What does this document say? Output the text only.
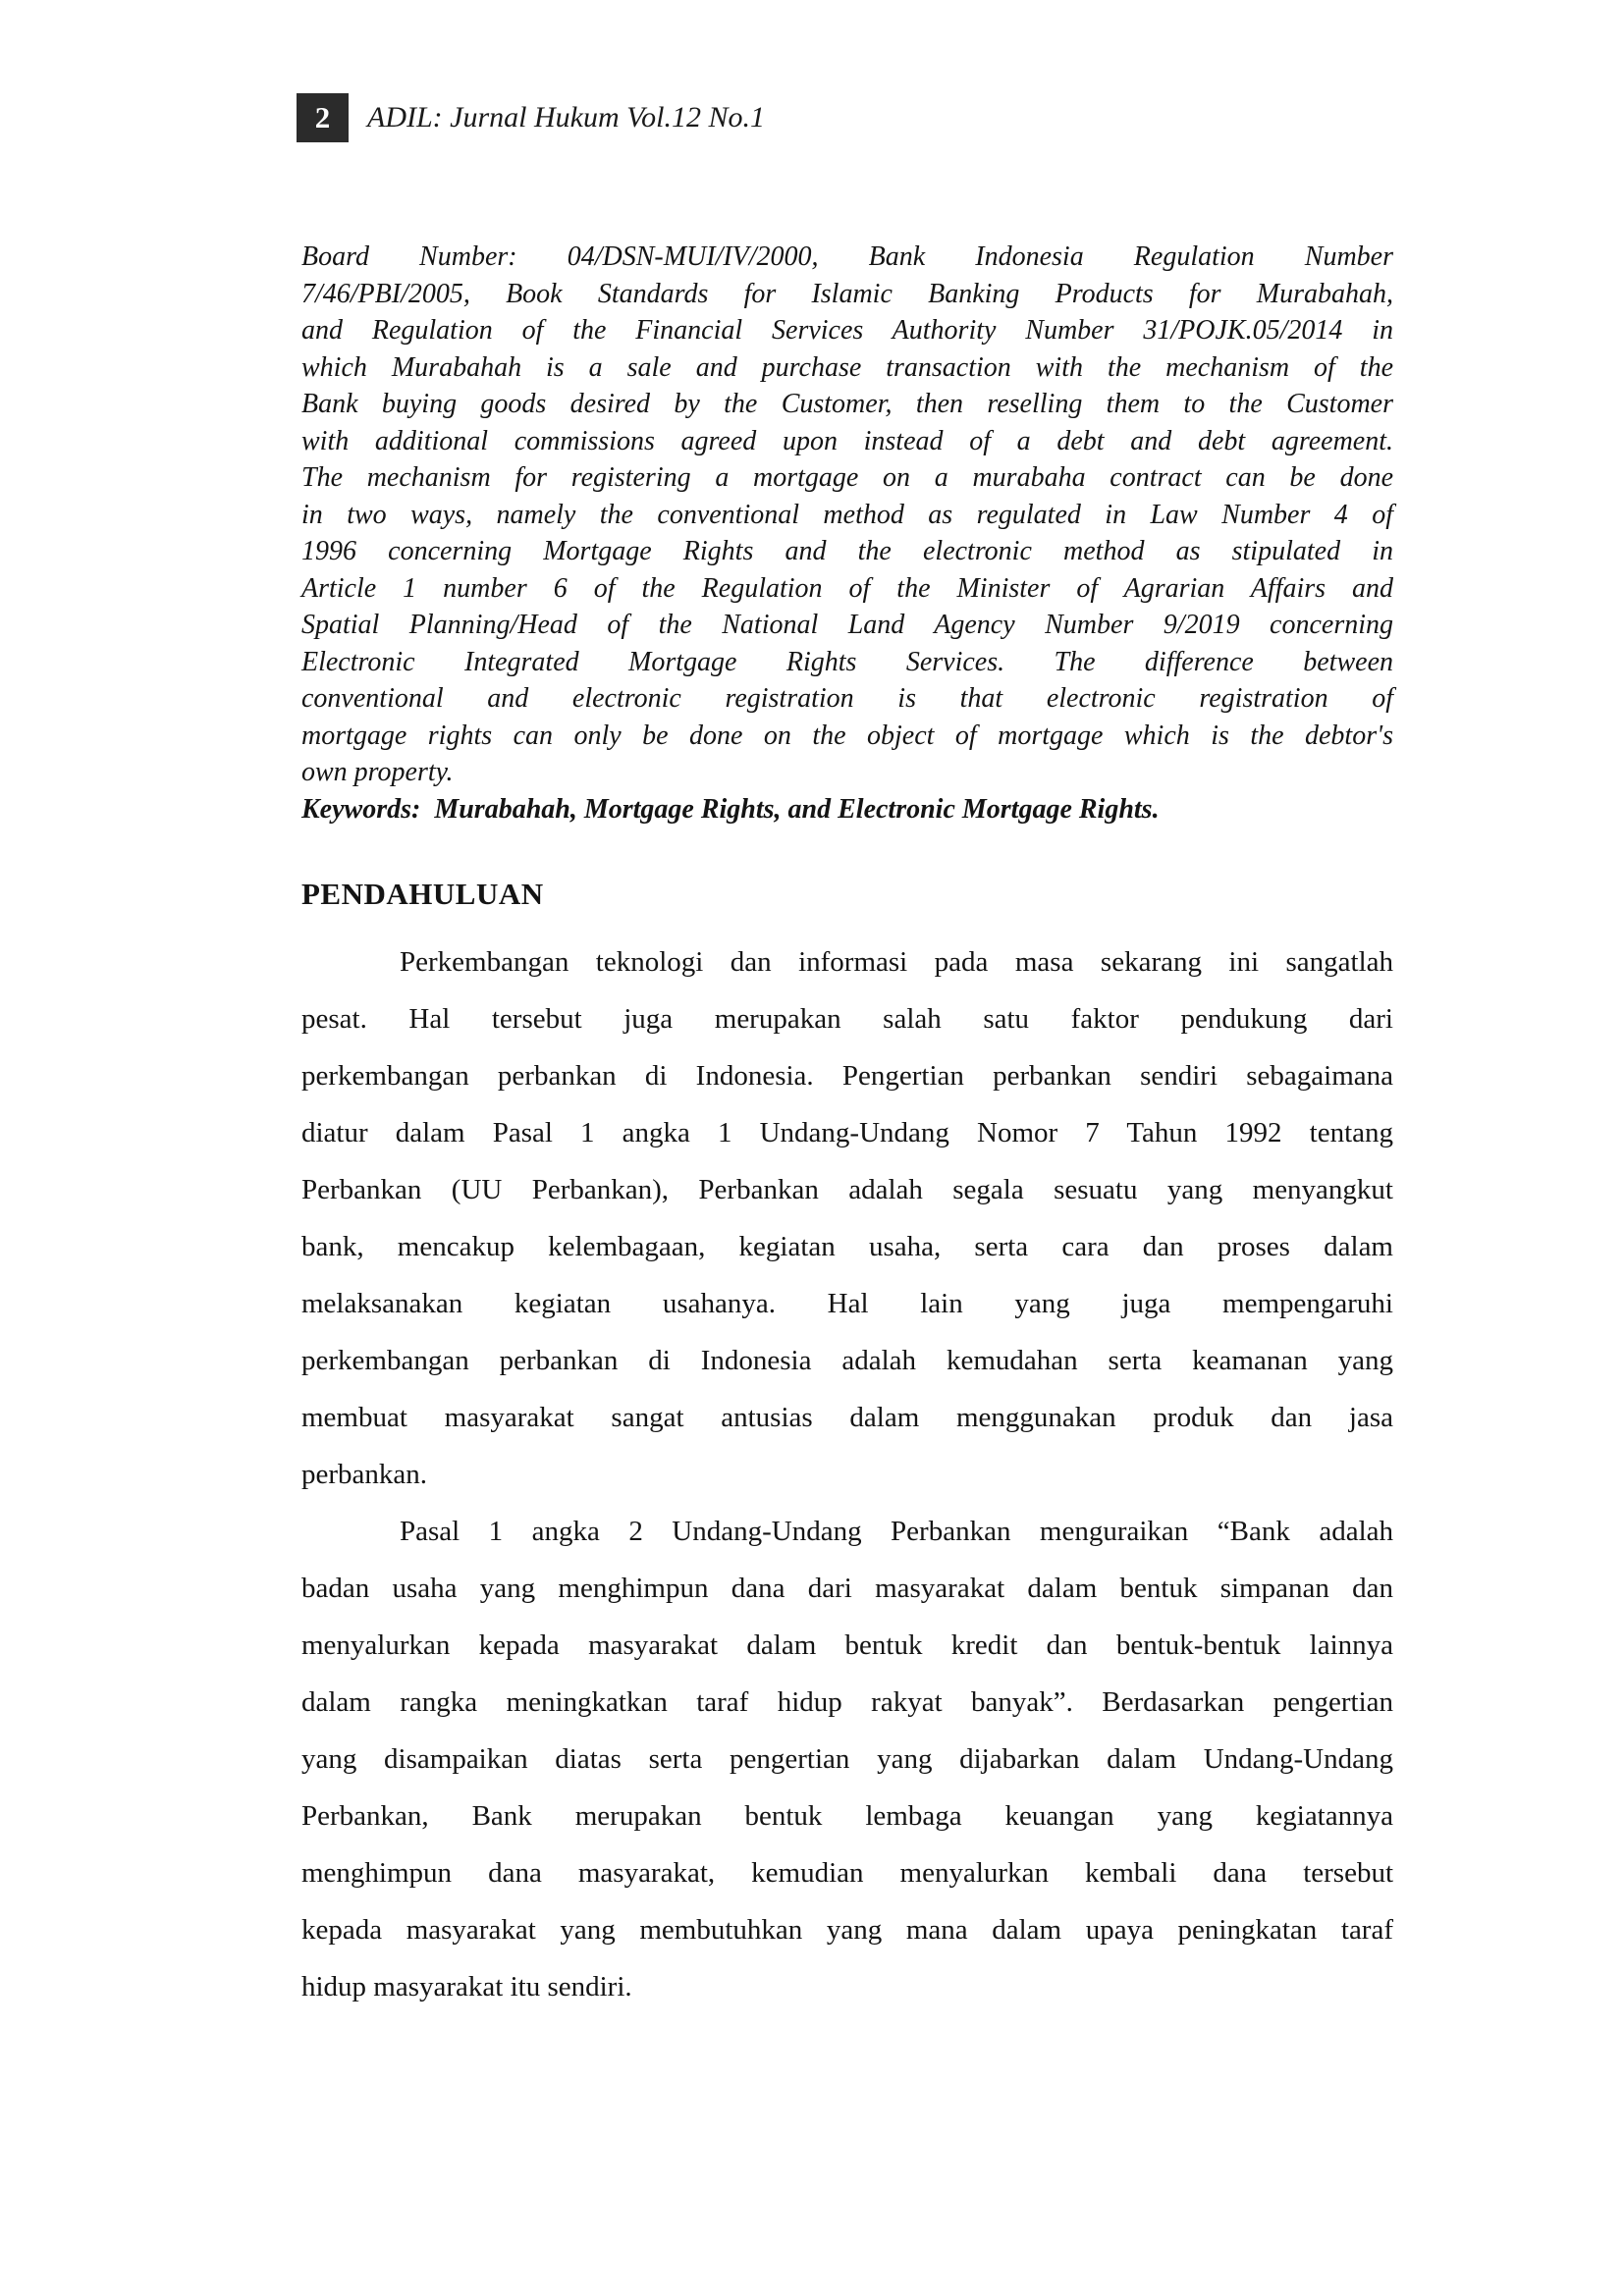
2 ADIL: Jurnal Hukum Vol.12 No.1
Board Number: 04/DSN-MUI/IV/2000, Bank Indonesia Regulation Number
7/46/PBI/2005, Book Standards for Islamic Banking Products for Murabahah,
and Regulation of the Financial Services Authority Number 31/POJK.05/2014 in
which Murabahah is a sale and purchase transaction with the mechanism of the
Bank buying goods desired by the Customer, then reselling them to the Customer
with additional commissions agreed upon instead of a debt and debt agreement.
The mechanism for registering a mortgage on a murabaha contract can be done
in two ways, namely the conventional method as regulated in Law Number 4 of
1996 concerning Mortgage Rights and the electronic method as stipulated in
Article 1 number 6 of the Regulation of the Minister of Agrarian Affairs and
Spatial Planning/Head of the National Land Agency Number 9/2019 concerning
Electronic Integrated Mortgage Rights Services. The difference between
conventional and electronic registration is that electronic registration of
mortgage rights can only be done on the object of mortgage which is the debtor's
own property.
Keywords: Murabahah, Mortgage Rights, and Electronic Mortgage Rights.
PENDAHULUAN
Perkembangan teknologi dan informasi pada masa sekarang ini sangatlah
pesat. Hal tersebut juga merupakan salah satu faktor pendukung dari
perkembangan perbankan di Indonesia. Pengertian perbankan sendiri sebagaimana
diatur dalam Pasal 1 angka 1 Undang-Undang Nomor 7 Tahun 1992 tentang
Perbankan (UU Perbankan), Perbankan adalah segala sesuatu yang menyangkut
bank, mencakup kelembagaan, kegiatan usaha, serta cara dan proses dalam
melaksanakan kegiatan usahanya. Hal lain yang juga mempengaruhi
perkembangan perbankan di Indonesia adalah kemudahan serta keamanan yang
membuat masyarakat sangat antusias dalam menggunakan produk dan jasa
perbankan.
Pasal 1 angka 2 Undang-Undang Perbankan menguraikan “Bank adalah
badan usaha yang menghimpun dana dari masyarakat dalam bentuk simpanan dan
menyalurkan kepada masyarakat dalam bentuk kredit dan bentuk-bentuk lainnya
dalam rangka meningkatkan taraf hidup rakyat banyak”. Berdasarkan pengertian
yang disampaikan diatas serta pengertian yang dijabarkan dalam Undang-Undang
Perbankan, Bank merupakan bentuk lembaga keuangan yang kegiatannya
menghimpun dana masyarakat, kemudian menyalurkan kembali dana tersebut
kepada masyarakat yang membutuhkan yang mana dalam upaya peningkatan taraf
hidup masyarakat itu sendiri.
